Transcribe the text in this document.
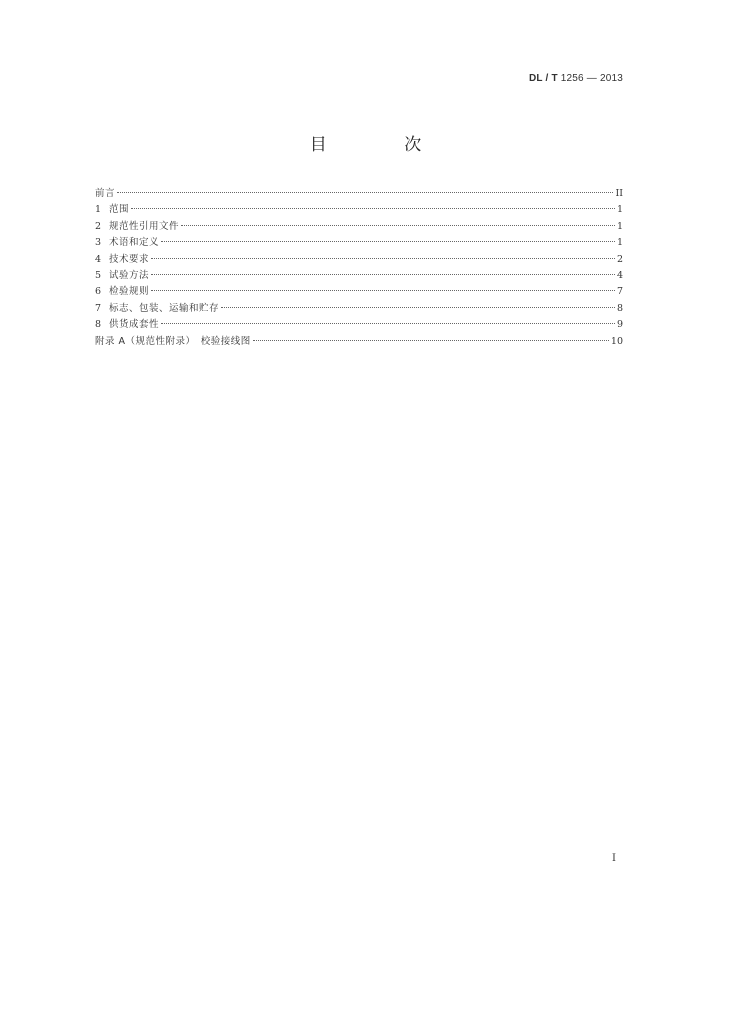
DL / T 1256 — 2013
目 次
前言	II
1 范围	1
2 规范性引用文件	1
3 术语和定义	1
4 技术要求	2
5 试验方法	4
6 检验规则	7
7 标志、包装、运输和贮存	8
8 供货成套性	9
附录 A（规范性附录）　校验接线图	10
I
